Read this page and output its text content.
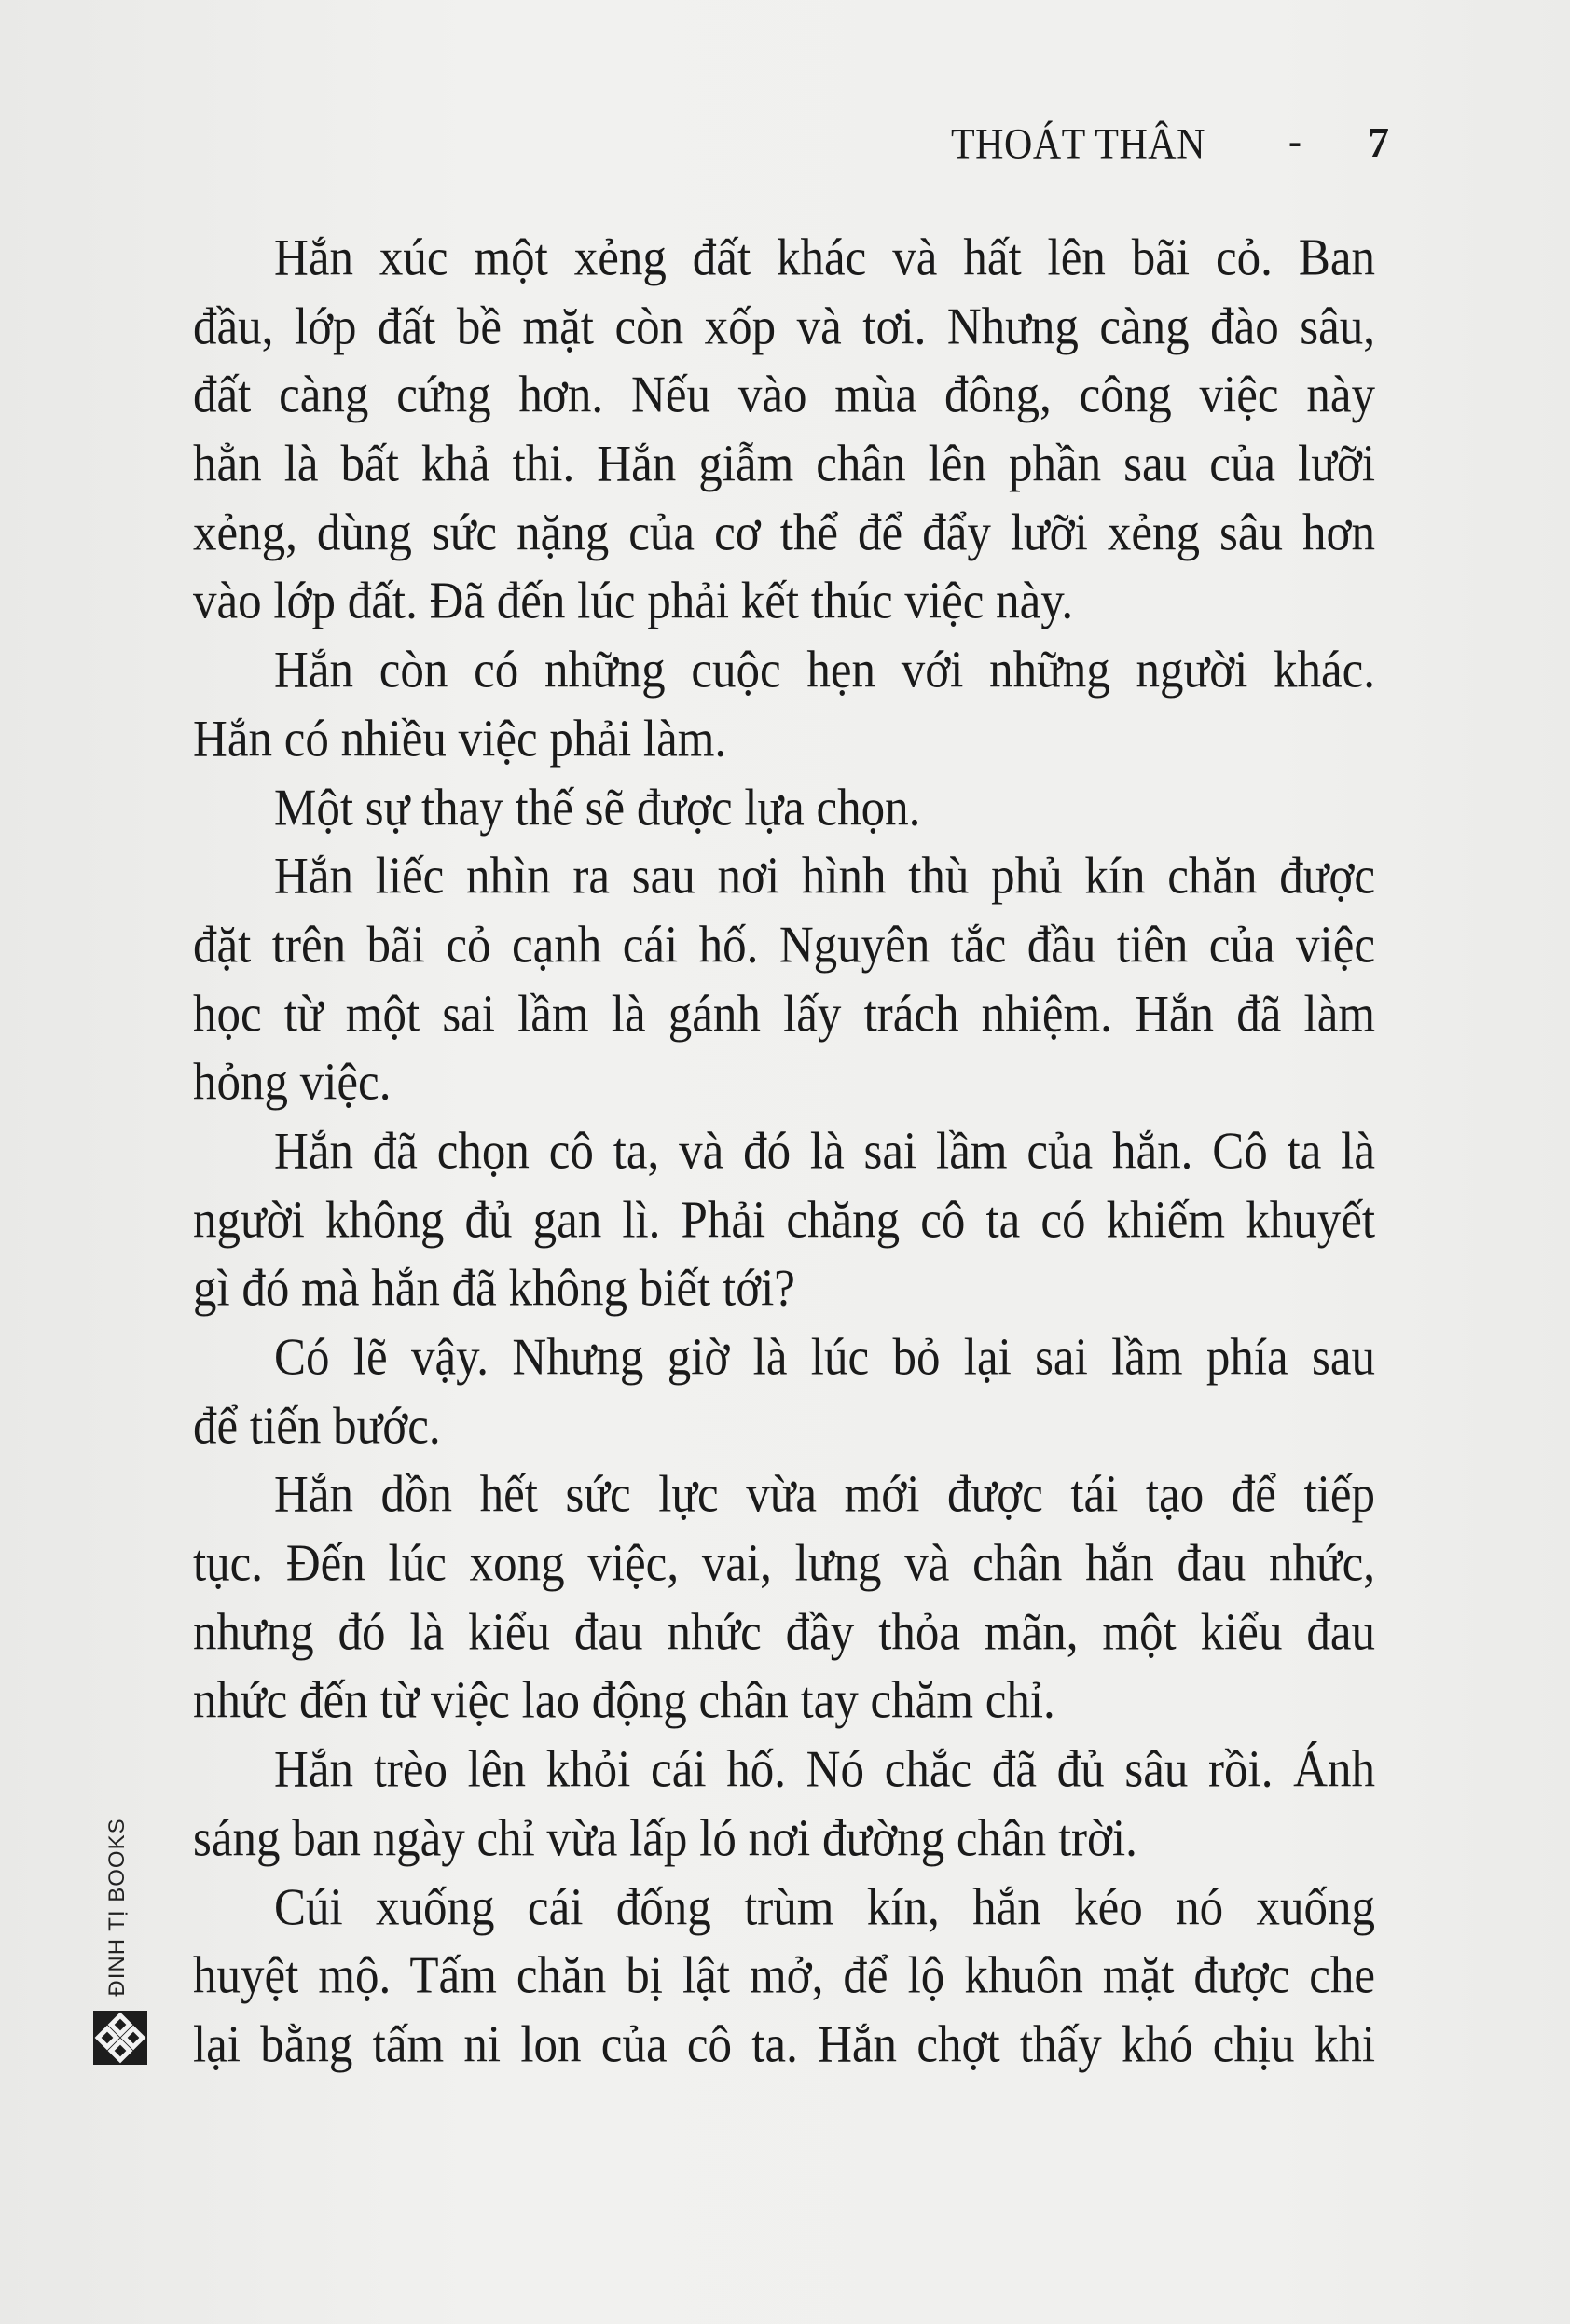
THOÁT THÂN - 7
Hắn xúc một xẻng đất khác và hất lên bãi cỏ. Ban
đầu, lớp đất bề mặt còn xốp và tơi. Nhưng càng đào sâu,
đất càng cứng hơn. Nếu vào mùa đông, công việc này
hẳn là bất khả thi. Hắn giẫm chân lên phần sau của lưỡi
xẻng, dùng sức nặng của cơ thể để đẩy lưỡi xẻng sâu hơn
vào lớp đất. Đã đến lúc phải kết thúc việc này.
Hắn còn có những cuộc hẹn với những người khác.
Hắn có nhiều việc phải làm.
Một sự thay thế sẽ được lựa chọn.
Hắn liếc nhìn ra sau nơi hình thù phủ kín chăn được
đặt trên bãi cỏ cạnh cái hố. Nguyên tắc đầu tiên của việc
học từ một sai lầm là gánh lấy trách nhiệm. Hắn đã làm
hỏng việc.
Hắn đã chọn cô ta, và đó là sai lầm của hắn. Cô ta là
người không đủ gan lì. Phải chăng cô ta có khiếm khuyết
gì đó mà hắn đã không biết tới?
Có lẽ vậy. Nhưng giờ là lúc bỏ lại sai lầm phía sau
để tiến bước.
Hắn dồn hết sức lực vừa mới được tái tạo để tiếp
tục. Đến lúc xong việc, vai, lưng và chân hắn đau nhức,
nhưng đó là kiểu đau nhức đầy thỏa mãn, một kiểu đau
nhức đến từ việc lao động chân tay chăm chỉ.
Hắn trèo lên khỏi cái hố. Nó chắc đã đủ sâu rồi. Ánh
sáng ban ngày chỉ vừa lấp ló nơi đường chân trời.
Cúi xuống cái đống trùm kín, hắn kéo nó xuống
huyệt mộ. Tấm chăn bị lật mở, để lộ khuôn mặt được che
lại bằng tấm ni lon của cô ta. Hắn chợt thấy khó chịu khi
ĐINH TỊ BOOKS
